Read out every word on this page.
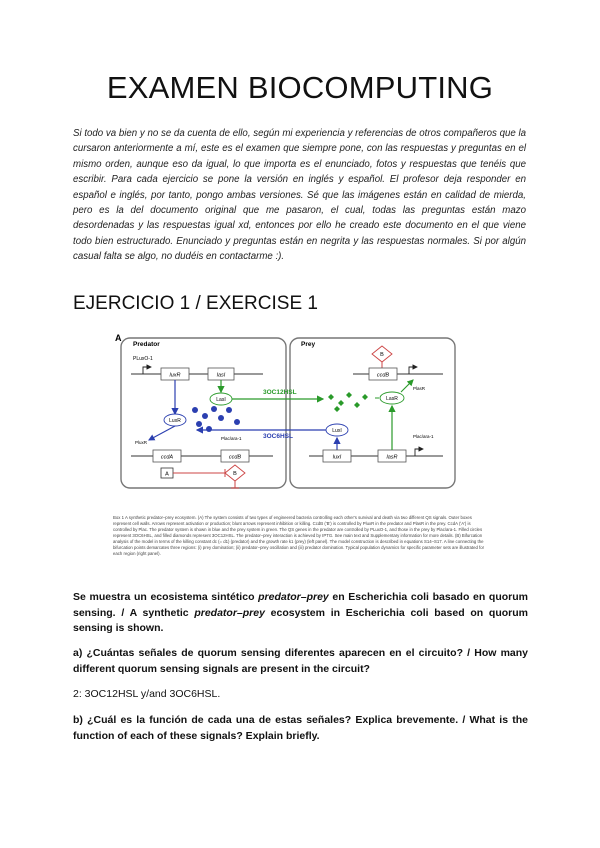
EXAMEN BIOCOMPUTING

Si todo va bien y no se da cuenta de ello, según mi experiencia y referencias de otros compañeros que la cursaron anteriormente a mí, este es el examen que siempre pone, con las respuestas y preguntas en el mismo orden, aunque eso da igual, lo que importa es el enunciado, fotos y respuestas que tenéis que escribir. Para cada ejercicio se pone la versión en inglés y español. El profesor deja responder en español e inglés, por tanto, pongo ambas versiones. Sé que las imágenes están en calidad de mierda, pero es la del documento original que me pasaron, el cual, todas las preguntas están mazo desordenadas y las respuestas igual xd, entonces por ello he creado este documento en el que viene todo bien estructurado. Enunciado y preguntas están en negrita y las respuestas normales. Si por algún casual falta se algo, no dudéis en contactarme :).

EJERCICIO 1 / EXERCISE 1
A
Predator	Prey
PLuxO-1
luxR	lasI
LasI
3OC12HSL
LuxR
3OC6HSL
PluxR
Plac/ara-1
ccdA	ccdB
A	B
B
ccdB
PlasR
LasR
LuxI
Plac/ara-1
luxI	lasR

Box 1 A synthetic predator–prey ecosystem. (A) The system consists of two types of engineered bacteria controlling each other's survival and death via two different QS signals. Outer boxes represent cell walls. Arrows represent activation or production; blunt arrows represent inhibition or killing. CcdB ('B') is controlled by PluxR in the predator and PlasR in the prey. CcdA ('A') is controlled by Plac. The predator system is shown in blue and the prey system in green. The QS genes in the predator are controlled by PLuxO-1, and those in the prey by Plac/ara-1. Filled circles represent 3OC6HSL, and filled diamonds represent 3OC12HSL. The predator–prey interaction is achieved by IPTG. See main text and Supplementary information for more details. (B) Bifurcation analysis of the model in terms of the killing constant dc (= d1) (predator) and the growth rate k1 (prey) (left panel). The model construction is described in equations S14–S17. A line connecting the bifurcation points demarcates three regions: (i) prey domination; (ii) predator–prey oscillation and (iii) predator domination. Typical population dynamics for specific parameter sets are illustrated for each region (right panel).

Se muestra un ecosistema sintético predator–prey en Escherichia coli basado en quorum sensing. / A synthetic predator–prey ecosystem in Escherichia coli based on quorum sensing is shown.

a) ¿Cuántas señales de quorum sensing diferentes aparecen en el circuito? / How many different quorum sensing signals are present in the circuit?

2: 3OC12HSL y/and 3OC6HSL.

b) ¿Cuál es la función de cada una de estas señales? Explica brevemente. / What is the function of each of these signals? Explain briefly.
